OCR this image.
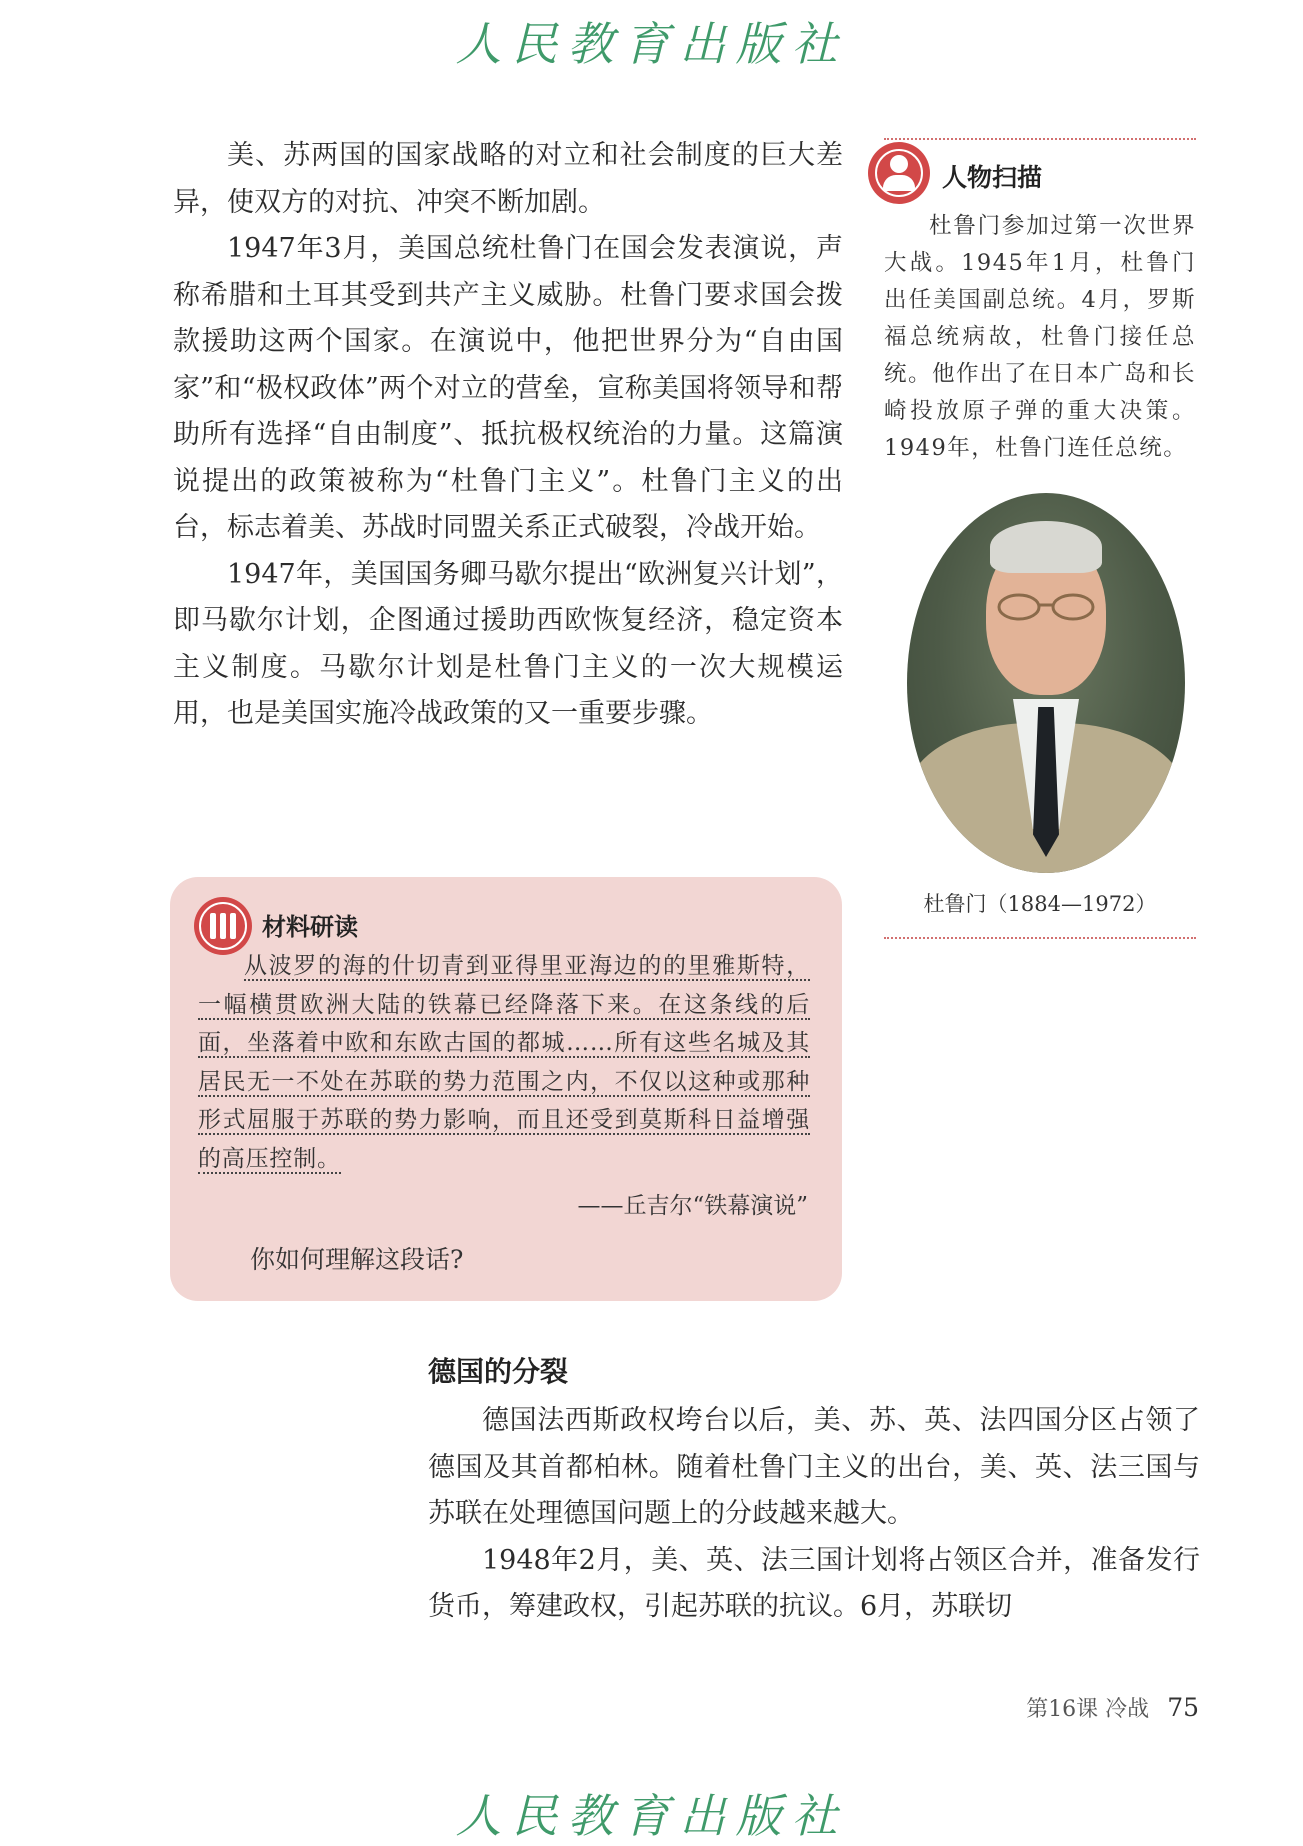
人民教育出版社

美、苏两国的国家战略的对立和社会制度的巨大差异，使双方的对抗、冲突不断加剧。

1947年3月，美国总统杜鲁门在国会发表演说，声称希腊和土耳其受到共产主义威胁。杜鲁门要求国会拨款援助这两个国家。在演说中，他把世界分为“自由国家”和“极权政体”两个对立的营垒，宣称美国将领导和帮助所有选择“自由制度”、抵抗极权统治的力量。这篇演说提出的政策被称为“杜鲁门主义”。杜鲁门主义的出台，标志着美、苏战时同盟关系正式破裂，冷战开始。

1947年，美国国务卿马歇尔提出“欧洲复兴计划”，即马歇尔计划，企图通过援助西欧恢复经济，稳定资本主义制度。马歇尔计划是杜鲁门主义的一次大规模运用，也是美国实施冷战政策的又一重要步骤。

人物扫描
杜鲁门参加过第一次世界大战。1945年1月，杜鲁门出任美国副总统。4月，罗斯福总统病故，杜鲁门接任总统。他作出了在日本广岛和长崎投放原子弹的重大决策。1949年，杜鲁门连任总统。
杜鲁门（1884—1972）
材料研读
从波罗的海的什切青到亚得里亚海边的的里雅斯特，一幅横贯欧洲大陆的铁幕已经降落下来。在这条线的后面，坐落着中欧和东欧古国的都城……所有这些名城及其居民无一不处在苏联的势力范围之内，不仅以这种或那种形式屈服于苏联的势力影响，而且还受到莫斯科日益增强的高压控制。
——丘吉尔“铁幕演说”
你如何理解这段话?
德国的分裂

德国法西斯政权垮台以后，美、苏、英、法四国分区占领了德国及其首都柏林。随着杜鲁门主义的出台，美、英、法三国与苏联在处理德国问题上的分歧越来越大。

1948年2月，美、英、法三国计划将占领区合并，准备发行货币，筹建政权，引起苏联的抗议。6月，苏联切

第16课 冷战 75
人民教育出版社
